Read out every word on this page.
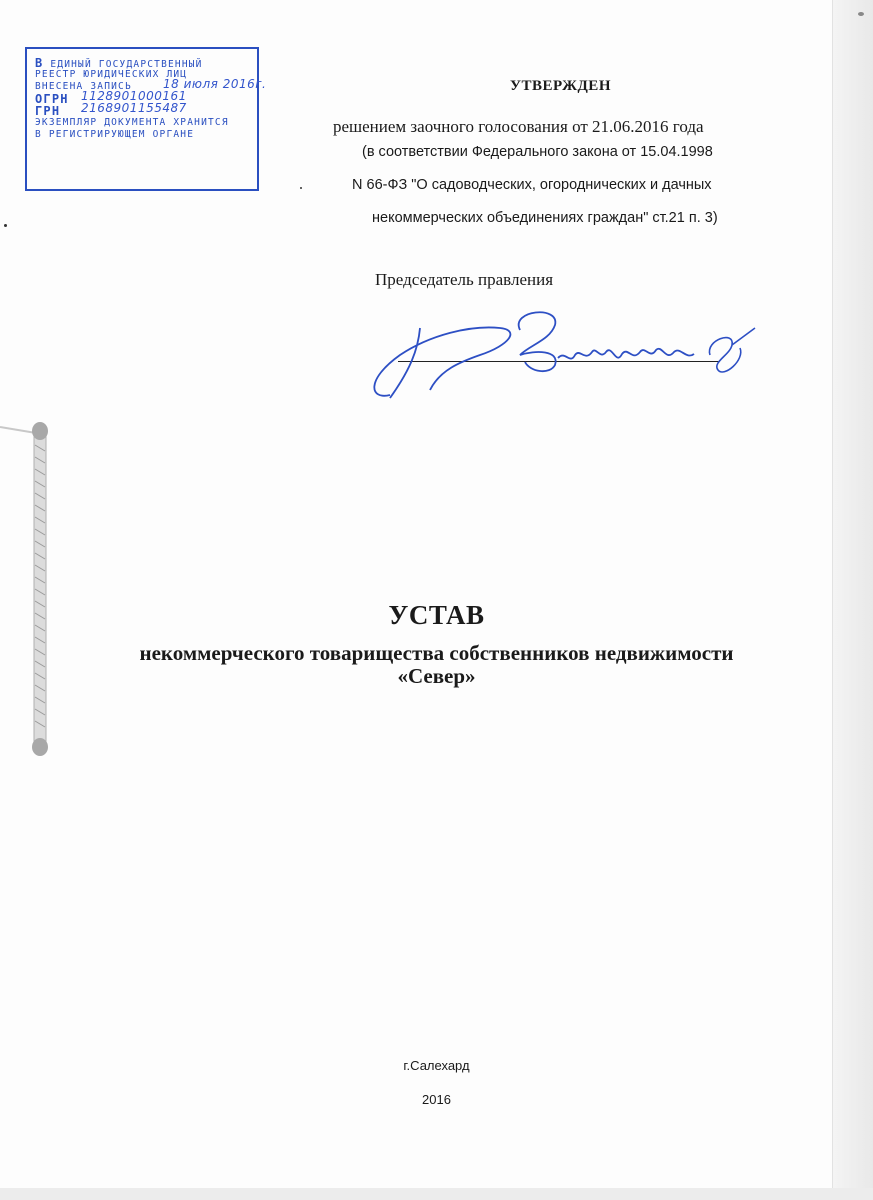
В ЕДИНЫЙ ГОСУДАРСТВЕННЫЙ
РЕЕСТР ЮРИДИЧЕСКИХ ЛИЦ
ВНЕСЕНА ЗАПИСЬ	18 июля 2016г.
ОГРН 1128901000161
ГРН 2168901155487
ЭКЗЕМПЛЯР ДОКУМЕНТА ХРАНИТСЯ
В РЕГИСТРИРУЮЩЕМ ОРГАНЕ
УТВЕРЖДЕН
решением заочного голосования от 21.06.2016 года
(в соответствии Федерального закона от 15.04.1998
N 66-ФЗ "О садоводческих, огороднических и дачных
некоммерческих объединениях граждан" ст.21 п. 3)
Председатель правления
УСТАВ
некоммерческого товарищества собственников недвижимости
«Север»
г.Салехард
2016
